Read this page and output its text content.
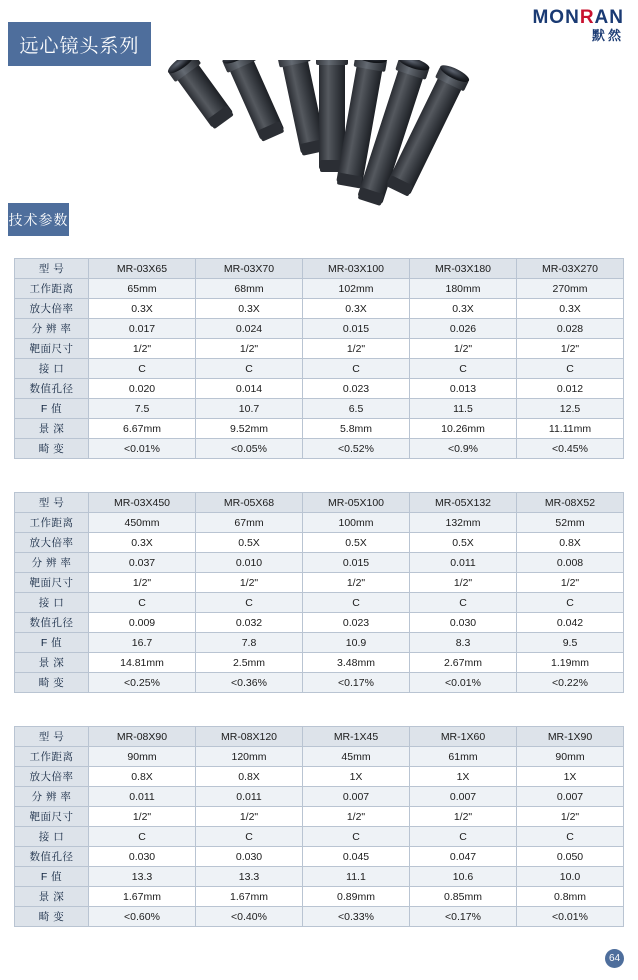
MONRAN
默然
远心镜头系列
技术参数
型 号	MR-03X65	MR-03X70	MR-03X100	MR-03X180	MR-03X270
工作距离	65mm	68mm	102mm	180mm	270mm
放大倍率	0.3X	0.3X	0.3X	0.3X	0.3X
分 辨 率	0.017	0.024	0.015	0.026	0.028
靶面尺寸	1/2"	1/2"	1/2"	1/2"	1/2"
接 口	C	C	C	C	C
数值孔径	0.020	0.014	0.023	0.013	0.012
F 值	7.5	10.7	6.5	11.5	12.5
景 深	6.67mm	9.52mm	5.8mm	10.26mm	11.11mm
畸 变	<0.01%	<0.05%	<0.52%	<0.9%	<0.45%
型 号	MR-03X450	MR-05X68	MR-05X100	MR-05X132	MR-08X52
工作距离	450mm	67mm	100mm	132mm	52mm
放大倍率	0.3X	0.5X	0.5X	0.5X	0.8X
分 辨 率	0.037	0.010	0.015	0.011	0.008
靶面尺寸	1/2"	1/2"	1/2"	1/2"	1/2"
接 口	C	C	C	C	C
数值孔径	0.009	0.032	0.023	0.030	0.042
F 值	16.7	7.8	10.9	8.3	9.5
景 深	14.81mm	2.5mm	3.48mm	2.67mm	1.19mm
畸 变	<0.25%	<0.36%	<0.17%	<0.01%	<0.22%
型 号	MR-08X90	MR-08X120	MR-1X45	MR-1X60	MR-1X90
工作距离	90mm	120mm	45mm	61mm	90mm
放大倍率	0.8X	0.8X	1X	1X	1X
分 辨 率	0.011	0.011	0.007	0.007	0.007
靶面尺寸	1/2"	1/2"	1/2"	1/2"	1/2"
接 口	C	C	C	C	C
数值孔径	0.030	0.030	0.045	0.047	0.050
F 值	13.3	13.3	11.1	10.6	10.0
景 深	1.67mm	1.67mm	0.89mm	0.85mm	0.8mm
畸 变	<0.60%	<0.40%	<0.33%	<0.17%	<0.01%
64
